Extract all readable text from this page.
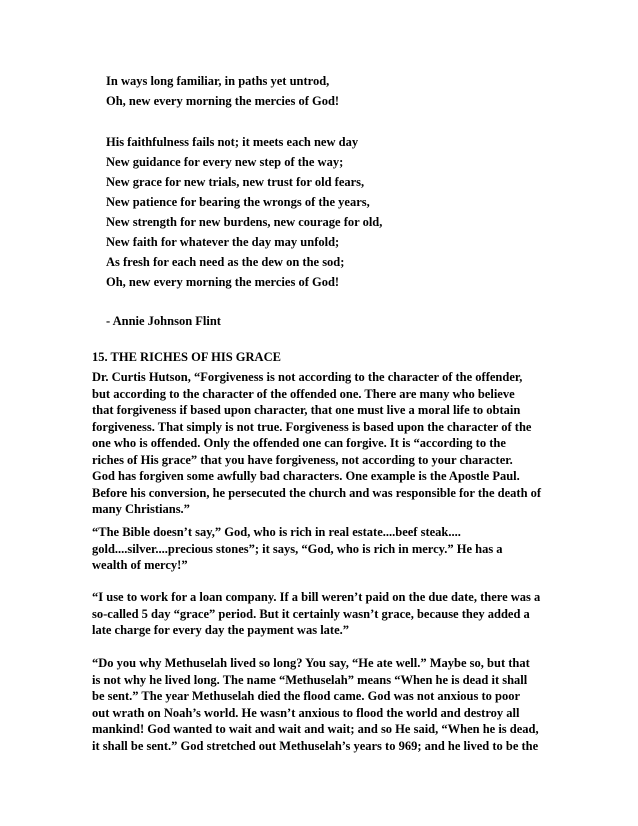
In ways long familiar, in paths yet untrod,
Oh, new every morning the mercies of God!
His faithfulness fails not; it meets each new day
New guidance for every new step of the way;
New grace for new trials, new trust for old fears,
New patience for bearing the wrongs of the years,
New strength for new burdens, new courage for old,
New faith for whatever the day may unfold;
As fresh for each need as the dew on the sod;
Oh, new every morning the mercies of God!
- Annie Johnson Flint
15. THE RICHES OF HIS GRACE
Dr. Curtis Hutson, “Forgiveness is not according to the character of the offender,
but according to the character of the offended one. There are many who believe
that forgiveness if based upon character, that one must live a moral life to obtain
forgiveness. That simply is not true. Forgiveness is based upon the character of the
one who is offended. Only the offended one can forgive. It is “according to the
riches of His grace” that you have forgiveness, not according to your character.
God has forgiven some awfully bad characters. One example is the Apostle Paul.
Before his conversion, he persecuted the church and was responsible for the death of
many Christians.”
“The Bible doesn’t say,” God, who is rich in real estate....beef steak....
gold....silver....precious stones”; it says, “God, who is rich in mercy.” He has a
wealth of mercy!”
“I use to work for a loan company. If a bill weren’t paid on the due date, there was a
so-called 5 day “grace” period. But it certainly wasn’t grace, because they added a
late charge for every day the payment was late.”
“Do you why Methuselah lived so long? You say, “He ate well.” Maybe so, but that
is not why he lived long. The name “Methuselah” means “When he is dead it shall
be sent.” The year Methuselah died the flood came. God was not anxious to poor
out wrath on Noah’s world. He wasn’t anxious to flood the world and destroy all
mankind! God wanted to wait and wait and wait; and so He said, “When he is dead,
it shall be sent.” God stretched out Methuselah’s years to 969; and he lived to be the
